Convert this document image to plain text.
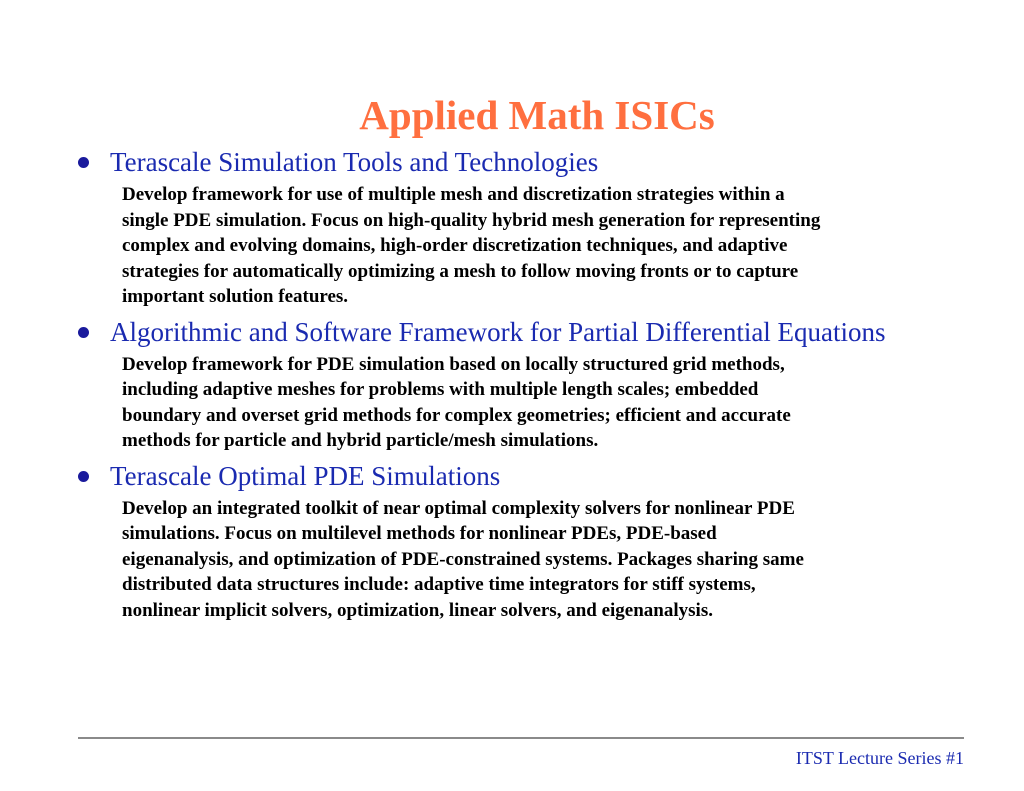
Applied Math ISICs
Terascale Simulation Tools and Technologies
Develop framework for use of multiple mesh and discretization strategies within a
single PDE simulation. Focus on high-quality hybrid mesh generation for representing
complex and evolving domains, high-order discretization techniques, and adaptive
strategies for automatically optimizing a mesh to follow moving fronts or to capture
important solution features.
Algorithmic and Software Framework for Partial Differential Equations
Develop framework for PDE simulation based on locally structured grid methods,
including adaptive meshes for problems with multiple length scales; embedded
boundary and overset grid methods for complex geometries; efficient and accurate
methods for particle and hybrid particle/mesh simulations.
Terascale Optimal PDE Simulations
Develop an integrated toolkit of near optimal complexity solvers for nonlinear PDE
simulations. Focus on multilevel methods for nonlinear PDEs, PDE-based
eigenanalysis, and optimization of PDE-constrained systems. Packages sharing same
distributed data structures include: adaptive time integrators for stiff systems,
nonlinear implicit solvers, optimization, linear solvers, and eigenanalysis.
ITST Lecture Series #1
